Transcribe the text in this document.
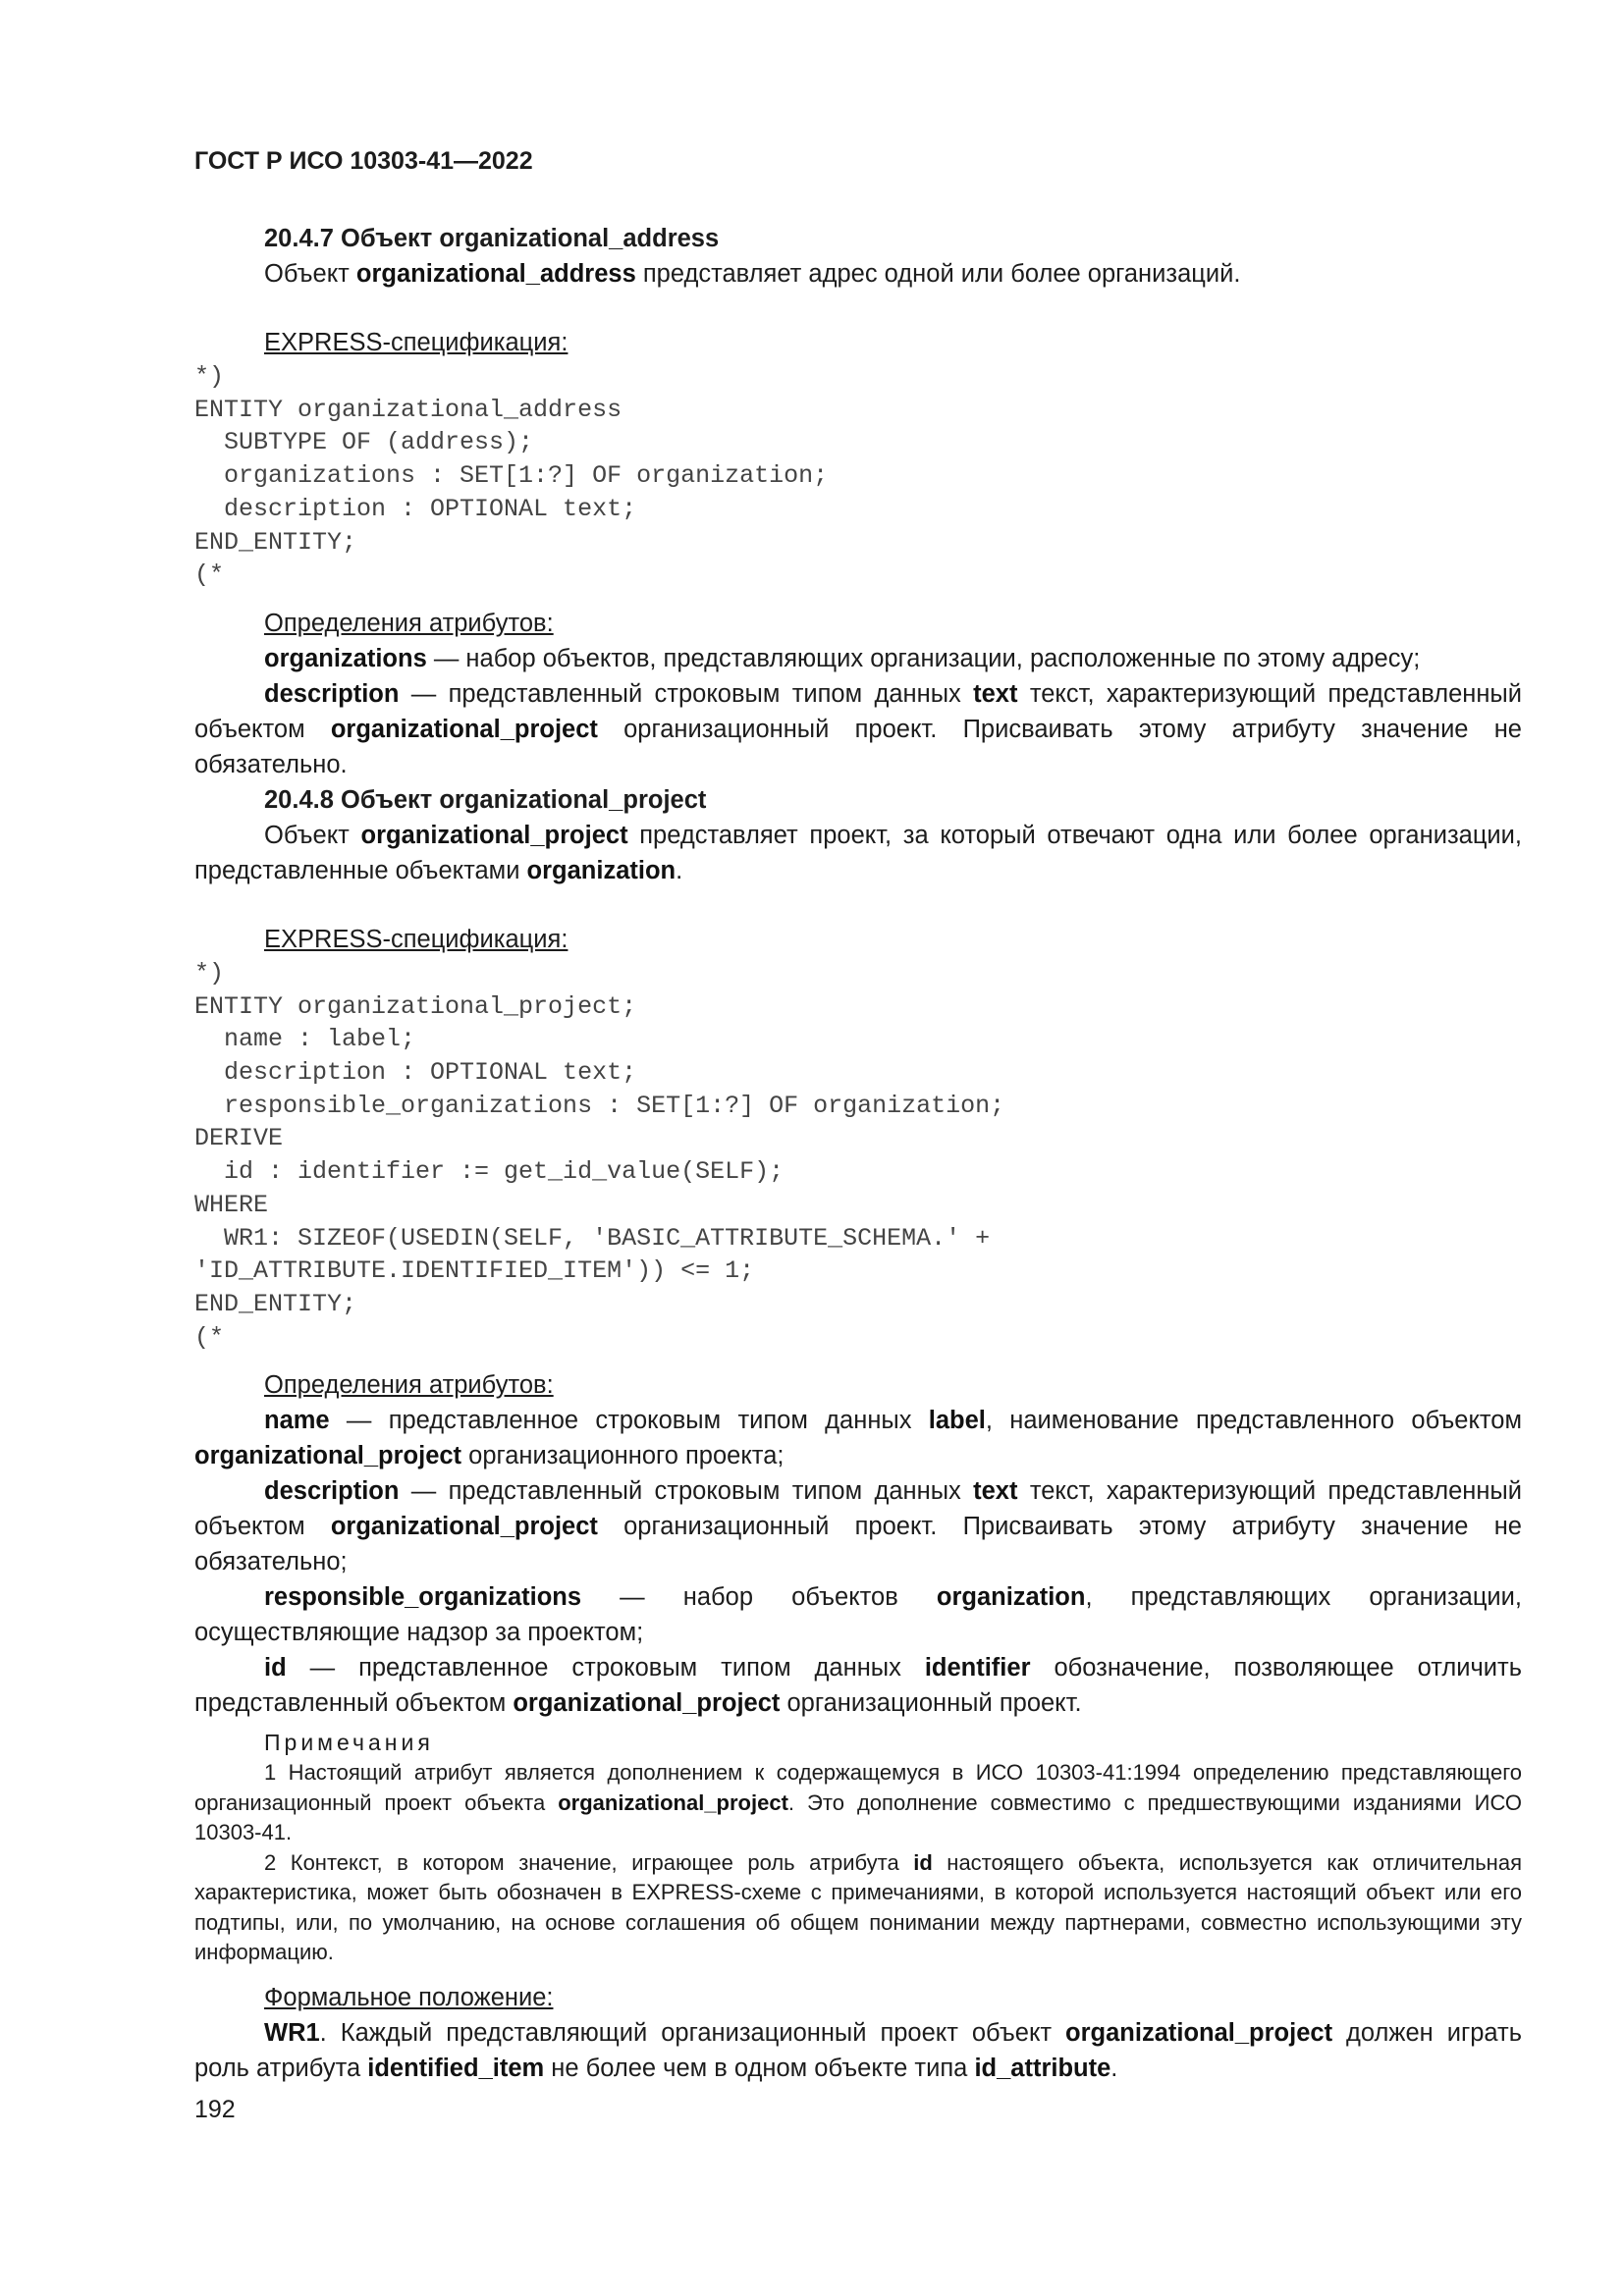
ГОСТ Р ИСО 10303-41—2022
20.4.7 Объект organizational_address

Объект organizational_address представляет адрес одной или более организаций.

EXPRESS-спецификация:
*)
ENTITY organizational_address
SUBTYPE OF (address);
organizations : SET[1:?] OF organization;
description : OPTIONAL text;
END_ENTITY;
(*
Определения атрибутов:

organizations — набор объектов, представляющих организации, расположенные по этому адресу;

description — представленный строковым типом данных text текст, характеризующий представленный объектом organizational_project организационный проект. Присваивать этому атрибуту значение не обязательно.

20.4.8 Объект organizational_project

Объект organizational_project представляет проект, за который отвечают одна или более организации, представленные объектами organization.

EXPRESS-спецификация:
*)
ENTITY organizational_project;
name : label;
description : OPTIONAL text;
responsible_organizations : SET[1:?] OF organization;
DERIVE
id : identifier := get_id_value(SELF);
WHERE
WR1: SIZEOF(USEDIN(SELF, 'BASIC_ATTRIBUTE_SCHEMA.' +
'ID_ATTRIBUTE.IDENTIFIED_ITEM')) <= 1;
END_ENTITY;
(*
Определения атрибутов:

name — представленное строковым типом данных label, наименование представленного объектом organizational_project организационного проекта;

description — представленный строковым типом данных text текст, характеризующий представленный объектом organizational_project организационный проект. Присваивать этому атрибуту значение не обязательно;

responsible_organizations — набор объектов organization, представляющих организации, осуществляющие надзор за проектом;

id — представленное строковым типом данных identifier обозначение, позволяющее отличить представленный объектом organizational_project организационный проект.

Примечания

1 Настоящий атрибут является дополнением к содержащемуся в ИСО 10303-41:1994 определению представляющего организационный проект объекта organizational_project. Это дополнение совместимо с предшествующими изданиями ИСО 10303-41.

2 Контекст, в котором значение, играющее роль атрибута id настоящего объекта, используется как отличительная характеристика, может быть обозначен в EXPRESS-схеме с примечаниями, в которой используется настоящий объект или его подтипы, или, по умолчанию, на основе соглашения об общем понимании между партнерами, совместно использующими эту информацию.

Формальное положение:

WR1. Каждый представляющий организационный проект объект organizational_project должен играть роль атрибута identified_item не более чем в одном объекте типа id_attribute.

192
